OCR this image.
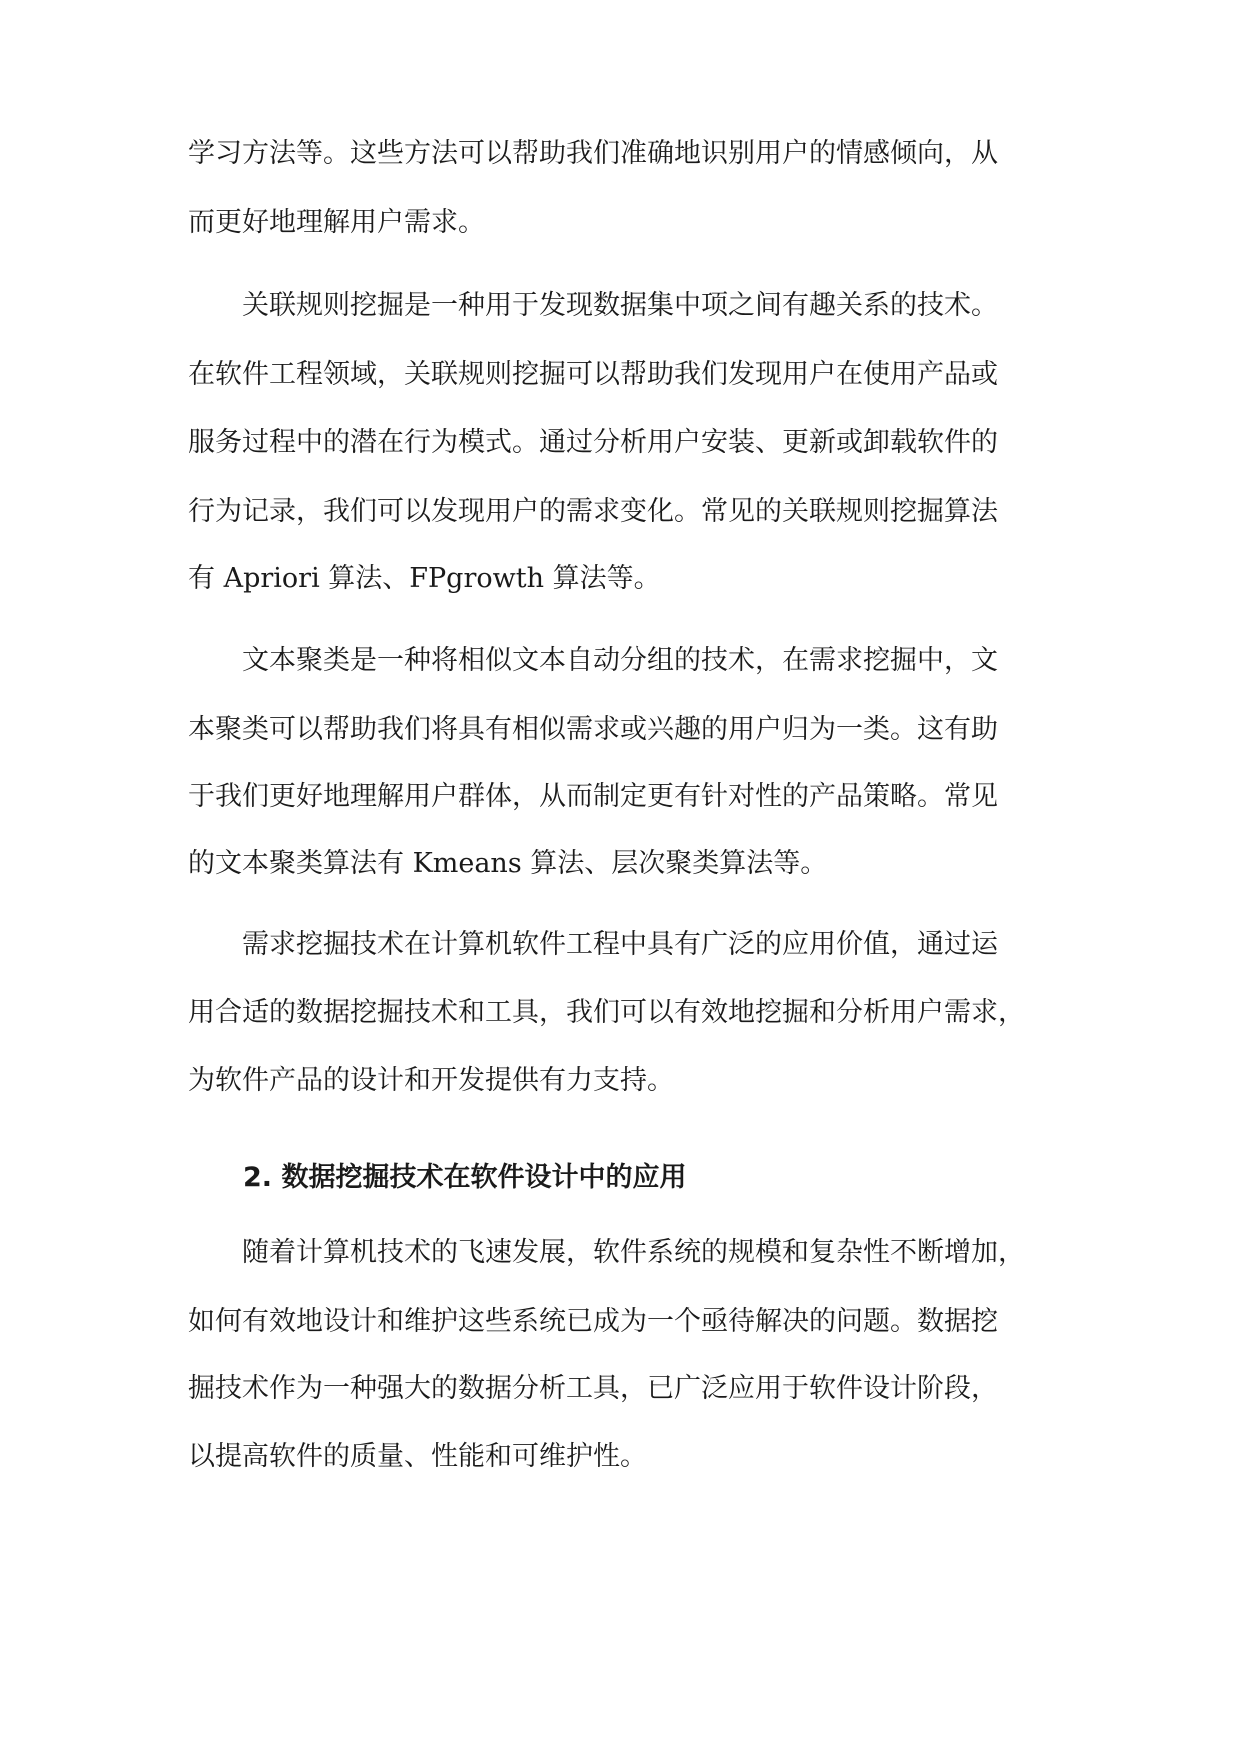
学习方法等。这些方法可以帮助我们准确地识别用户的情感倾向，从
而更好地理解用户需求。
　　关联规则挖掘是一种用于发现数据集中项之间有趣关系的技术。
在软件工程领域，关联规则挖掘可以帮助我们发现用户在使用产品或
服务过程中的潜在行为模式。通过分析用户安装、更新或卸载软件的
行为记录，我们可以发现用户的需求变化。常见的关联规则挖掘算法
有 Apriori 算法、FPgrowth 算法等。
　　文本聚类是一种将相似文本自动分组的技术，在需求挖掘中，文
本聚类可以帮助我们将具有相似需求或兴趣的用户归为一类。这有助
于我们更好地理解用户群体，从而制定更有针对性的产品策略。常见
的文本聚类算法有 Kmeans 算法、层次聚类算法等。
　　需求挖掘技术在计算机软件工程中具有广泛的应用价值，通过运
用合适的数据挖掘技术和工具，我们可以有效地挖掘和分析用户需求，
为软件产品的设计和开发提供有力支持。
2. 数据挖掘技术在软件设计中的应用
　　随着计算机技术的飞速发展，软件系统的规模和复杂性不断增加，
如何有效地设计和维护这些系统已成为一个亟待解决的问题。数据挖
掘技术作为一种强大的数据分析工具，已广泛应用于软件设计阶段，
以提高软件的质量、性能和可维护性。
